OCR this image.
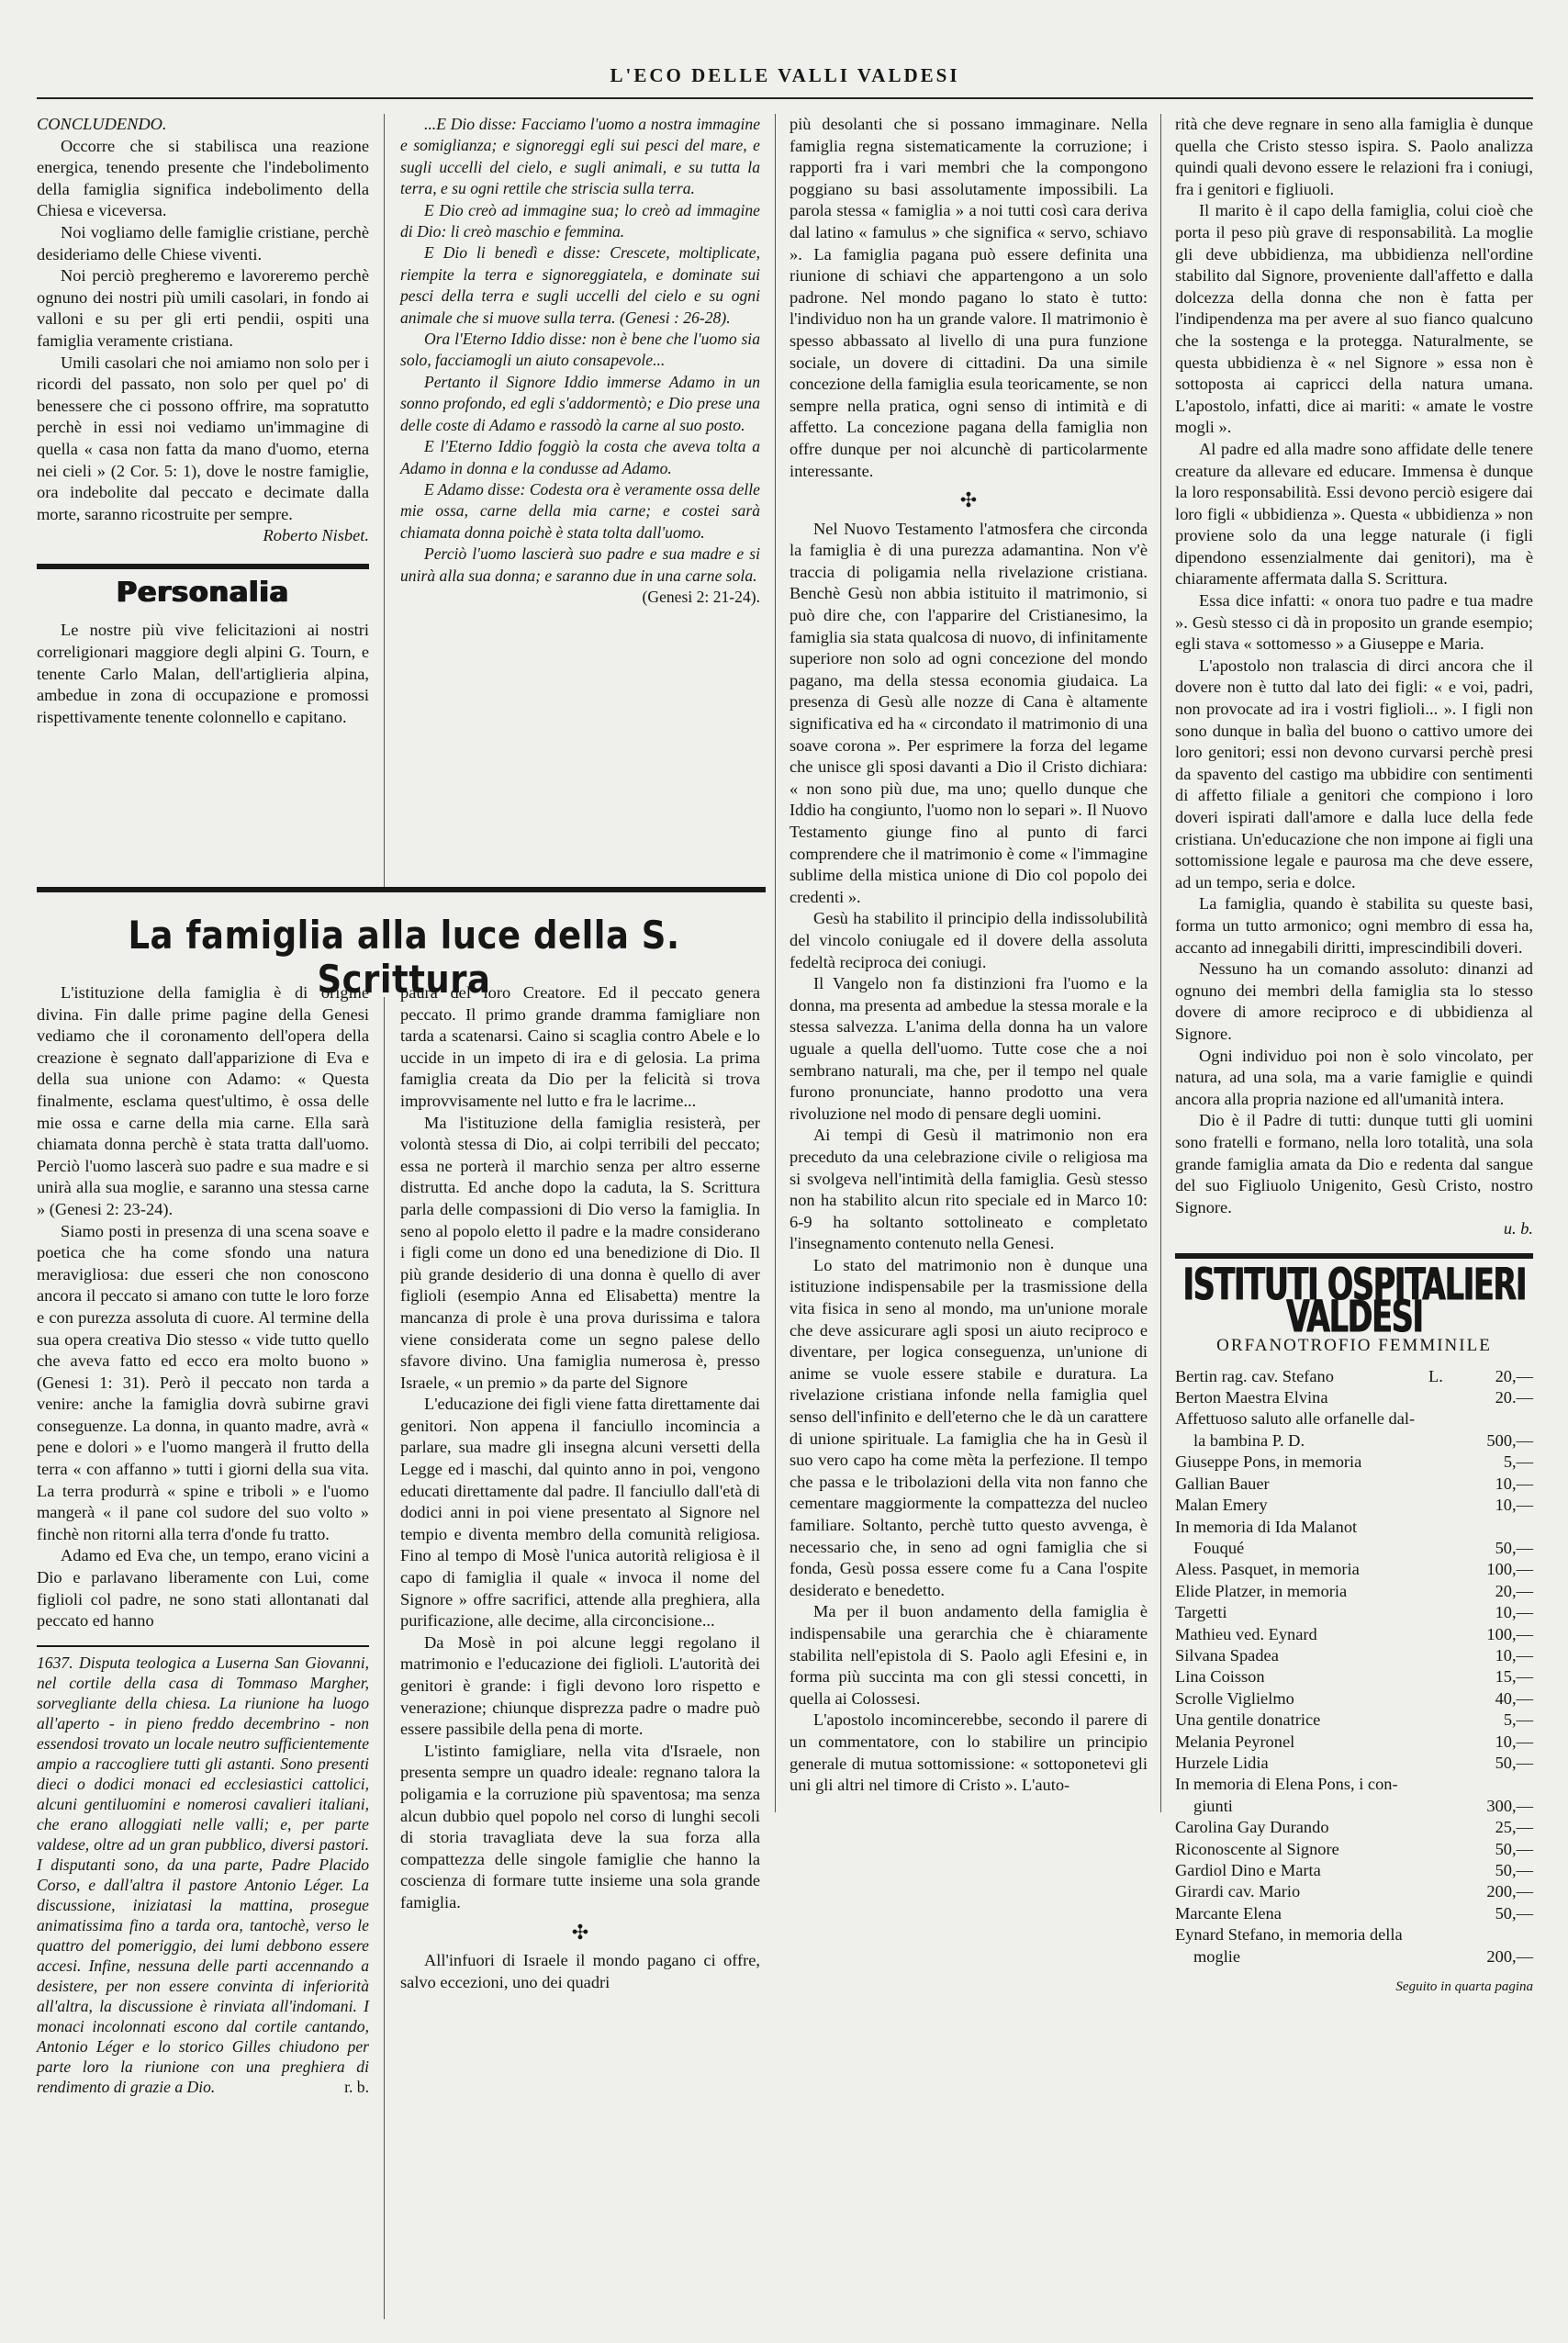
L'ECO DELLE VALLI VALDESI

CONCLUDENDO.

Occorre che si stabilisca una reazione energica, tenendo presente che l'indebolimento della famiglia significa indebolimento della Chiesa e viceversa.

Noi vogliamo delle famiglie cristiane, perchè desideriamo delle Chiese viventi.

Noi perciò pregheremo e lavoreremo perchè ognuno dei nostri più umili casolari, in fondo ai valloni e su per gli erti pendii, ospiti una famiglia veramente cristiana.

Umili casolari che noi amiamo non solo per i ricordi del passato, non solo per quel po' di benessere che ci possono offrire, ma sopratutto perchè in essi noi vediamo un'immagine di quella « casa non fatta da mano d'uomo, eterna nei cieli » (2 Cor. 5: 1), dove le nostre famiglie, ora indebolite dal peccato e decimate dalla morte, saranno ricostruite per sempre.

Roberto Nisbet.
Personalia

Le nostre più vive felicitazioni ai nostri correligionari maggiore degli alpini G. Tourn, e tenente Carlo Malan, dell'artiglieria alpina, ambedue in zona di occupazione e promossi rispettivamente tenente colonnello e capitano.

...E Dio disse: Facciamo l'uomo a nostra immagine e somiglianza; e signoreggi egli sui pesci del mare, e sugli uccelli del cielo, e sugli animali, e su tutta la terra, e su ogni rettile che striscia sulla terra.

E Dio creò ad immagine sua; lo creò ad immagine di Dio: li creò maschio e femmina.

E Dio li benedì e disse: Crescete, moltiplicate, riempite la terra e signoreggiatela, e dominate sui pesci della terra e sugli uccelli del cielo e su ogni animale che si muove sulla terra. (Genesi : 26-28).

Ora l'Eterno Iddio disse: non è bene che l'uomo sia solo, facciamogli un aiuto consapevole...

Pertanto il Signore Iddio immerse Adamo in un sonno profondo, ed egli s'addormentò; e Dio prese una delle coste di Adamo e rassodò la carne al suo posto.

E l'Eterno Iddio foggiò la costa che aveva tolta a Adamo in donna e la condusse ad Adamo.

E Adamo disse: Codesta ora è veramente ossa delle mie ossa, carne della mia carne; e costei sarà chiamata donna poichè è stata tolta dall'uomo.

Perciò l'uomo lascierà suo padre e sua madre e si unirà alla sua donna; e saranno due in una carne sola.

(Genesi 2: 21-24).
La famiglia alla luce della S. Scrittura

L'istituzione della famiglia è di origine divina. Fin dalle prime pagine della Genesi vediamo che il coronamento dell'opera della creazione è segnato dall'apparizione di Eva e della sua unione con Adamo: « Questa finalmente, esclama quest'ultimo, è ossa delle mie ossa e carne della mia carne. Ella sarà chiamata donna perchè è stata tratta dall'uomo. Perciò l'uomo lascerà suo padre e sua madre e si unirà alla sua moglie, e saranno una stessa carne » (Genesi 2: 23-24).

Siamo posti in presenza di una scena soave e poetica che ha come sfondo una natura meravigliosa: due esseri che non conoscono ancora il peccato si amano con tutte le loro forze e con purezza assoluta di cuore. Al termine della sua opera creativa Dio stesso « vide tutto quello che aveva fatto ed ecco era molto buono » (Genesi 1: 31). Però il peccato non tarda a venire: anche la famiglia dovrà subirne gravi conseguenze. La donna, in quanto madre, avrà « pene e dolori » e l'uomo mangerà il frutto della terra « con affanno » tutti i giorni della sua vita. La terra produrrà « spine e triboli » e l'uomo mangerà « il pane col sudore del suo volto » finchè non ritorni alla terra d'onde fu tratto.

Adamo ed Eva che, un tempo, erano vicini a Dio e parlavano liberamente con Lui, come figlioli col padre, ne sono stati allontanati dal peccato ed hanno

1637. Disputa teologica a Luserna San Giovanni, nel cortile della casa di Tommaso Margher, sorvegliante della chiesa. La riunione ha luogo all'aperto - in pieno freddo decembrino - non essendosi trovato un locale neutro sufficientemente ampio a raccogliere tutti gli astanti. Sono presenti dieci o dodici monaci ed ecclesiastici cattolici, alcuni gentiluomini e nomerosi cavalieri italiani, che erano alloggiati nelle valli; e, per parte valdese, oltre ad un gran pubblico, diversi pastori. I disputanti sono, da una parte, Padre Placido Corso, e dall'altra il pastore Antonio Léger. La discussione, iniziatasi la mattina, prosegue animatissima fino a tarda ora, tantochè, verso le quattro del pomeriggio, dei lumi debbono essere accesi. Infine, nessuna delle parti accennando a desistere, per non essere convinta di inferiorità all'altra, la discussione è rinviata all'indomani. I monaci incolonnati escono dal cortile cantando, Antonio Léger e lo storico Gilles chiudono per parte loro la riunione con una preghiera di rendimento di grazie a Dio.	r. b.

paura del loro Creatore. Ed il peccato genera peccato. Il primo grande dramma famigliare non tarda a scatenarsi. Caino si scaglia contro Abele e lo uccide in un impeto di ira e di gelosia. La prima famiglia creata da Dio per la felicità si trova improvvisamente nel lutto e fra le lacrime...

Ma l'istituzione della famiglia resisterà, per volontà stessa di Dio, ai colpi terribili del peccato; essa ne porterà il marchio senza per altro esserne distrutta. Ed anche dopo la caduta, la S. Scrittura parla delle compassioni di Dio verso la famiglia. In seno al popolo eletto il padre e la madre considerano i figli come un dono ed una benedizione di Dio. Il più grande desiderio di una donna è quello di aver figlioli (esempio Anna ed Elisabetta) mentre la mancanza di prole è una prova durissima e talora viene considerata come un segno palese dello sfavore divino. Una famiglia numerosa è, presso Israele, « un premio » da parte del Signore

L'educazione dei figli viene fatta direttamente dai genitori. Non appena il fanciullo incomincia a parlare, sua madre gli insegna alcuni versetti della Legge ed i maschi, dal quinto anno in poi, vengono educati direttamente dal padre. Il fanciullo dall'età di dodici anni in poi viene presentato al Signore nel tempio e diventa membro della comunità religiosa. Fino al tempo di Mosè l'unica autorità religiosa è il capo di famiglia il quale « invoca il nome del Signore » offre sacrifici, attende alla preghiera, alla purificazione, alle decime, alla circoncisione...

Da Mosè in poi alcune leggi regolano il matrimonio e l'educazione dei figlioli. L'autorità dei genitori è grande: i figli devono loro rispetto e venerazione; chiunque disprezza padre o madre può essere passibile della pena di morte.

L'istinto famigliare, nella vita d'Israele, non presenta sempre un quadro ideale: regnano talora la poligamia e la corruzione più spaventosa; ma senza alcun dubbio quel popolo nel corso di lunghi secoli di storia travagliata deve la sua forza alla compattezza delle singole famiglie che hanno la coscienza di formare tutte insieme una sola grande famiglia.

✣

All'infuori di Israele il mondo pagano ci offre, salvo eccezioni, uno dei quadri

più desolanti che si possano immaginare. Nella famiglia regna sistematicamente la corruzione; i rapporti fra i vari membri che la compongono poggiano su basi assolutamente impossibili. La parola stessa « famiglia » a noi tutti così cara deriva dal latino « famulus » che significa « servo, schiavo ». La famiglia pagana può essere definita una riunione di schiavi che appartengono a un solo padrone. Nel mondo pagano lo stato è tutto: l'individuo non ha un grande valore. Il matrimonio è spesso abbassato al livello di una pura funzione sociale, un dovere di cittadini. Da una simile concezione della famiglia esula teoricamente, se non sempre nella pratica, ogni senso di intimità e di affetto. La concezione pagana della famiglia non offre dunque per noi alcunchè di particolarmente interessante.

✣

Nel Nuovo Testamento l'atmosfera che circonda la famiglia è di una purezza adamantina. Non v'è traccia di poligamia nella rivelazione cristiana. Benchè Gesù non abbia istituito il matrimonio, si può dire che, con l'apparire del Cristianesimo, la famiglia sia stata qualcosa di nuovo, di infinitamente superiore non solo ad ogni concezione del mondo pagano, ma della stessa economia giudaica. La presenza di Gesù alle nozze di Cana è altamente significativa ed ha « circondato il matrimonio di una soave corona ». Per esprimere la forza del legame che unisce gli sposi davanti a Dio il Cristo dichiara: « non sono più due, ma uno; quello dunque che Iddio ha congiunto, l'uomo non lo separi ». Il Nuovo Testamento giunge fino al punto di farci comprendere che il matrimonio è come « l'immagine sublime della mistica unione di Dio col popolo dei credenti ».

Gesù ha stabilito il principio della indissolubilità del vincolo coniugale ed il dovere della assoluta fedeltà reciproca dei coniugi.

Il Vangelo non fa distinzioni fra l'uomo e la donna, ma presenta ad ambedue la stessa morale e la stessa salvezza. L'anima della donna ha un valore uguale a quella dell'uomo. Tutte cose che a noi sembrano naturali, ma che, per il tempo nel quale furono pronunciate, hanno prodotto una vera rivoluzione nel modo di pensare degli uomini.

Ai tempi di Gesù il matrimonio non era preceduto da una celebrazione civile o religiosa ma si svolgeva nell'intimità della famiglia. Gesù stesso non ha stabilito alcun rito speciale ed in Marco 10: 6-9 ha soltanto sottolineato e completato l'insegnamento contenuto nella Genesi.

Lo stato del matrimonio non è dunque una istituzione indispensabile per la trasmissione della vita fisica in seno al mondo, ma un'unione morale che deve assicurare agli sposi un aiuto reciproco e diventare, per logica conseguenza, un'unione di anime se vuole essere stabile e duratura. La rivelazione cristiana infonde nella famiglia quel senso dell'infinito e dell'eterno che le dà un carattere di unione spirituale. La famiglia che ha in Gesù il suo vero capo ha come mèta la perfezione. Il tempo che passa e le tribolazioni della vita non fanno che cementare maggiormente la compattezza del nucleo familiare. Soltanto, perchè tutto questo avvenga, è necessario che, in seno ad ogni famiglia che si fonda, Gesù possa essere come fu a Cana l'ospite desiderato e benedetto.

Ma per il buon andamento della famiglia è indispensabile una gerarchia che è chiaramente stabilita nell'epistola di S. Paolo agli Efesini e, in forma più succinta ma con gli stessi concetti, in quella ai Colossesi.

L'apostolo incomincerebbe, secondo il parere di un commentatore, con lo stabilire un principio generale di mutua sottomissione: « sottoponetevi gli uni gli altri nel timore di Cristo ». L'auto-

rità che deve regnare in seno alla famiglia è dunque quella che Cristo stesso ispira. S. Paolo analizza quindi quali devono essere le relazioni fra i coniugi, fra i genitori e figliuoli.

Il marito è il capo della famiglia, colui cioè che porta il peso più grave di responsabilità. La moglie gli deve ubbidienza, ma ubbidienza nell'ordine stabilito dal Signore, proveniente dall'affetto e dalla dolcezza della donna che non è fatta per l'indipendenza ma per avere al suo fianco qualcuno che la sostenga e la protegga. Naturalmente, se questa ubbidienza è « nel Signore » essa non è sottoposta ai capricci della natura umana. L'apostolo, infatti, dice ai mariti: « amate le vostre mogli ».

Al padre ed alla madre sono affidate delle tenere creature da allevare ed educare. Immensa è dunque la loro responsabilità. Essi devono perciò esigere dai loro figli « ubbidienza ». Questa « ubbidienza » non proviene solo da una legge naturale (i figli dipendono essenzialmente dai genitori), ma è chiaramente affermata dalla S. Scrittura.

Essa dice infatti: « onora tuo padre e tua madre ». Gesù stesso ci dà in proposito un grande esempio; egli stava « sottomesso » a Giuseppe e Maria.

L'apostolo non tralascia di dirci ancora che il dovere non è tutto dal lato dei figli: « e voi, padri, non provocate ad ira i vostri figlioli... ». I figli non sono dunque in balìa del buono o cattivo umore dei loro genitori; essi non devono curvarsi perchè presi da spavento del castigo ma ubbidire con sentimenti di affetto filiale a genitori che compiono i loro doveri ispirati dall'amore e dalla luce della fede cristiana. Un'educazione che non impone ai figli una sottomissione legale e paurosa ma che deve essere, ad un tempo, seria e dolce.

La famiglia, quando è stabilita su queste basi, forma un tutto armonico; ogni membro di essa ha, accanto ad innegabili diritti, imprescindibili doveri.

Nessuno ha un comando assoluto: dinanzi ad ognuno dei membri della famiglia sta lo stesso dovere di amore reciproco e di ubbidienza al Signore.

Ogni individuo poi non è solo vincolato, per natura, ad una sola, ma a varie famiglie e quindi ancora alla propria nazione ed all'umanità intera.

Dio è il Padre di tutti: dunque tutti gli uomini sono fratelli e formano, nella loro totalità, una sola grande famiglia amata da Dio e redenta dal sangue del suo Figliuolo Unigenito, Gesù Cristo, nostro Signore.

u. b.
ISTITUTI OSPITALIERI VALDESI
ORFANOTROFIO FEMMINILE
Bertin rag. cav. Stefano	L.	20,—
Berton Maestra Elvina	20.—
Affettuoso saluto alle orfanelle dal-
la bambina P. D.	500,—
Giuseppe Pons, in memoria	5,—
Gallian Bauer	10,—
Malan Emery	10,—
In memoria di Ida Malanot
Fouqué	50,—
Aless. Pasquet, in memoria	100,—
Elide Platzer, in memoria	20,—
Targetti	10,—
Mathieu ved. Eynard	100,—
Silvana Spadea	10,—
Lina Coisson	15,—
Scrolle Viglielmo	40,—
Una gentile donatrice	5,—
Melania Peyronel	10,—
Hurzele Lidia	50,—
In memoria di Elena Pons, i con-
giunti	300,—
Carolina Gay Durando	25,—
Riconoscente al Signore	50,—
Gardiol Dino e Marta	50,—
Girardi cav. Mario	200,—
Marcante Elena	50,—
Eynard Stefano, in memoria della
moglie	200,—
Seguito in quarta pagina
